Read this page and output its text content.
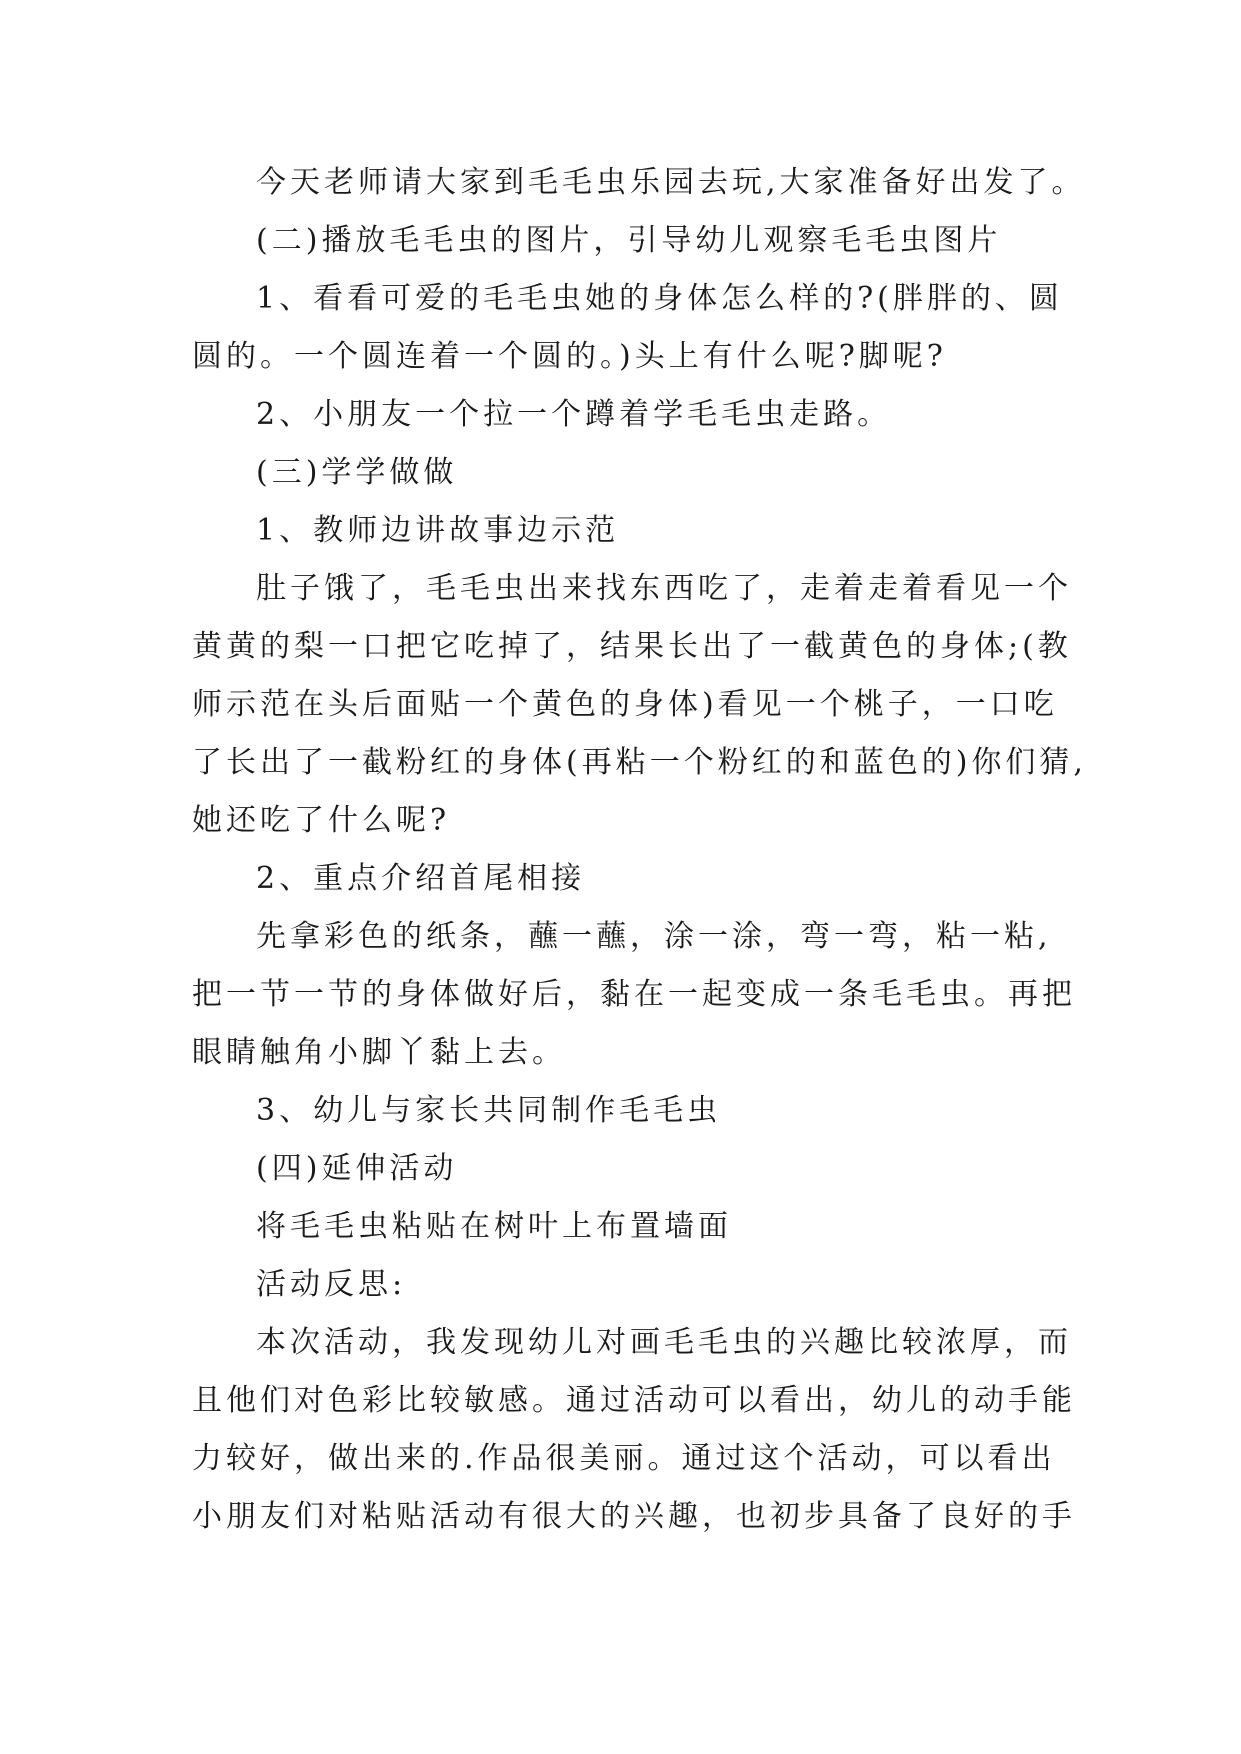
今天老师请大家到毛毛虫乐园去玩,大家准备好出发了。
(二)播放毛毛虫的图片，引导幼儿观察毛毛虫图片
1、看看可爱的毛毛虫她的身体怎么样的?(胖胖的、圆
圆的。一个圆连着一个圆的。)头上有什么呢?脚呢?
2、小朋友一个拉一个蹲着学毛毛虫走路。
(三)学学做做
1、教师边讲故事边示范
肚子饿了，毛毛虫出来找东西吃了，走着走着看见一个
黄黄的梨一口把它吃掉了，结果长出了一截黄色的身体;(教
师示范在头后面贴一个黄色的身体)看见一个桃子，一口吃
了长出了一截粉红的身体(再粘一个粉红的和蓝色的)你们猜,
她还吃了什么呢?
2、重点介绍首尾相接
先拿彩色的纸条，蘸一蘸，涂一涂，弯一弯，粘一粘,
把一节一节的身体做好后，黏在一起变成一条毛毛虫。再把
眼睛触角小脚丫黏上去。
3、幼儿与家长共同制作毛毛虫
(四)延伸活动
将毛毛虫粘贴在树叶上布置墙面
活动反思:
本次活动，我发现幼儿对画毛毛虫的兴趣比较浓厚，而
且他们对色彩比较敏感。通过活动可以看出，幼儿的动手能
力较好，做出来的.作品很美丽。通过这个活动，可以看出
小朋友们对粘贴活动有很大的兴趣，也初步具备了良好的手
